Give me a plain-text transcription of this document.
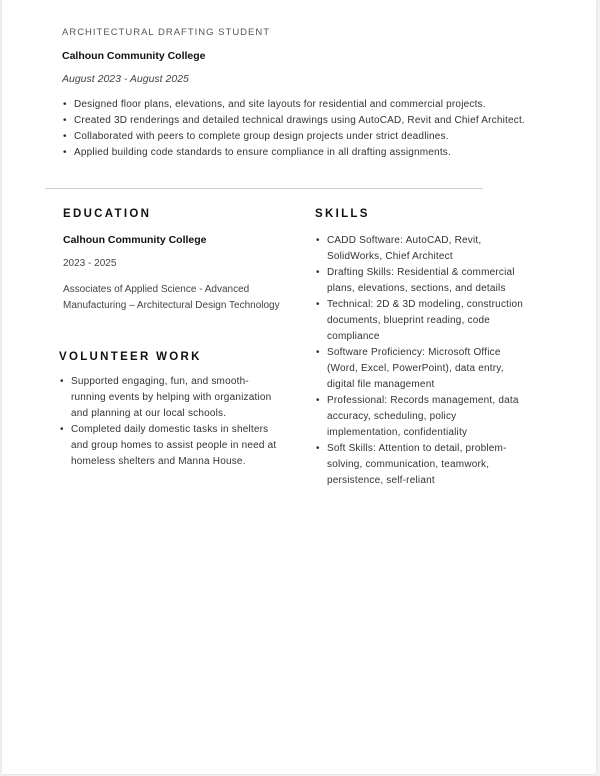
ARCHITECTURAL DRAFTING STUDENT
Calhoun Community College
August 2023 - August 2025
• Designed floor plans, elevations, and site layouts for residential and commercial projects.
• Created 3D renderings and detailed technical drawings using AutoCAD, Revit and Chief Architect.
• Collaborated with peers to complete group design projects under strict deadlines.
• Applied building code standards to ensure compliance in all drafting assignments.
EDUCATION
Calhoun Community College
2023 - 2025
Associates of Applied Science - Advanced Manufacturing – Architectural Design Technology
VOLUNTEER WORK
• Supported engaging, fun, and smooth-running events by helping with organization and planning at our local schools.
• Completed daily domestic tasks in shelters and group homes to assist people in need at homeless shelters and Manna House.
SKILLS
• CADD Software: AutoCAD, Revit, SolidWorks, Chief Architect
• Drafting Skills: Residential & commercial plans, elevations, sections, and details
• Technical: 2D & 3D modeling, construction documents, blueprint reading, code compliance
• Software Proficiency: Microsoft Office (Word, Excel, PowerPoint), data entry, digital file management
• Professional: Records management, data accuracy, scheduling, policy implementation, confidentiality
• Soft Skills: Attention to detail, problem-solving, communication, teamwork, persistence, self-reliant
